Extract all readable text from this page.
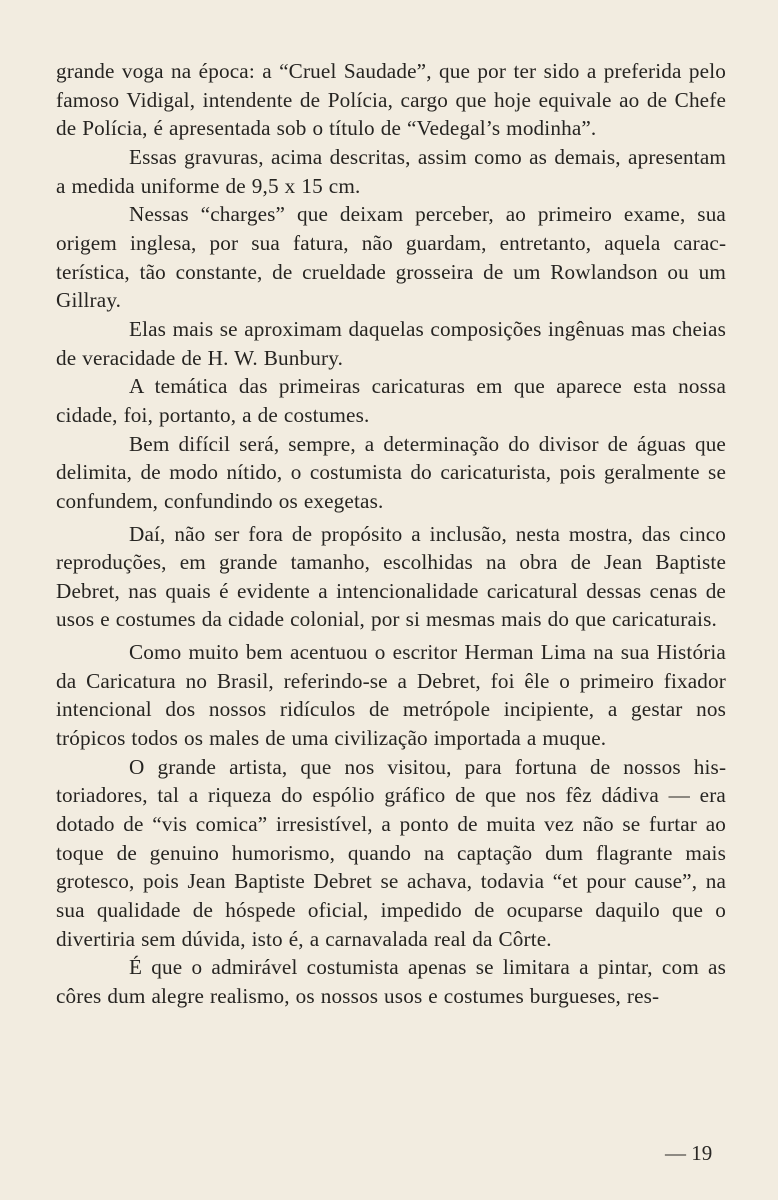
grande voga na época: a “Cruel Saudade”, que por ter sido a preferida pelo famoso Vidigal, intendente de Polícia, cargo que hoje equivale ao de Chefe de Polícia, é apresentada sob o título de “Vedegal’s modinha”.

Essas gravuras, acima descritas, assim como as demais, apresentam a medida uniforme de 9,5 x 15 cm.

Nessas “charges” que deixam perceber, ao primeiro exame, sua origem inglesa, por sua fatura, não guardam, entretanto, aquela característica, tão constante, de crueldade grosseira de um Rowlandson ou um Gillray.

Elas mais se aproximam daquelas composições ingênuas mas cheias de veracidade de H. W. Bunbury.

A temática das primeiras caricaturas em que aparece esta nossa cidade, foi, portanto, a de costumes.

Bem difícil será, sempre, a determinação do divisor de águas que delimita, de modo nítido, o costumista do caricaturista, pois geralmente se confundem, confundindo os exegetas.

Daí, não ser fora de propósito a inclusão, nesta mostra, das cinco reproduções, em grande tamanho, escolhidas na obra de Jean Baptiste Debret, nas quais é evidente a intencionalidade caricatural dessas cenas de usos e costumes da cidade colonial, por si mesmas mais do que caricaturais.

Como muito bem acentuou o escritor Herman Lima na sua História da Caricatura no Brasil, referindo-se a Debret, foi êle o primeiro fixador intencional dos nossos ridículos de metrópole incipiente, a gestar nos trópicos todos os males de uma civilização importada a muque.

O grande artista, que nos visitou, para fortuna de nossos historiadores, tal a riqueza do espólio gráfico de que nos fêz dádiva — era dotado de “vis comica” irresistível, a ponto de muita vez não se furtar ao toque de genuino humorismo, quando na captação dum flagrante mais grotesco, pois Jean Baptiste Debret se achava, todavia “et pour cause”, na sua qualidade de hóspede oficial, impedido de ocuparse daquilo que o divertiria sem dúvida, isto é, a carnavalada real da Côrte.

É que o admirável costumista apenas se limitara a pintar, com as côres dum alegre realismo, os nossos usos e costumes burgueses, res-

— 19
